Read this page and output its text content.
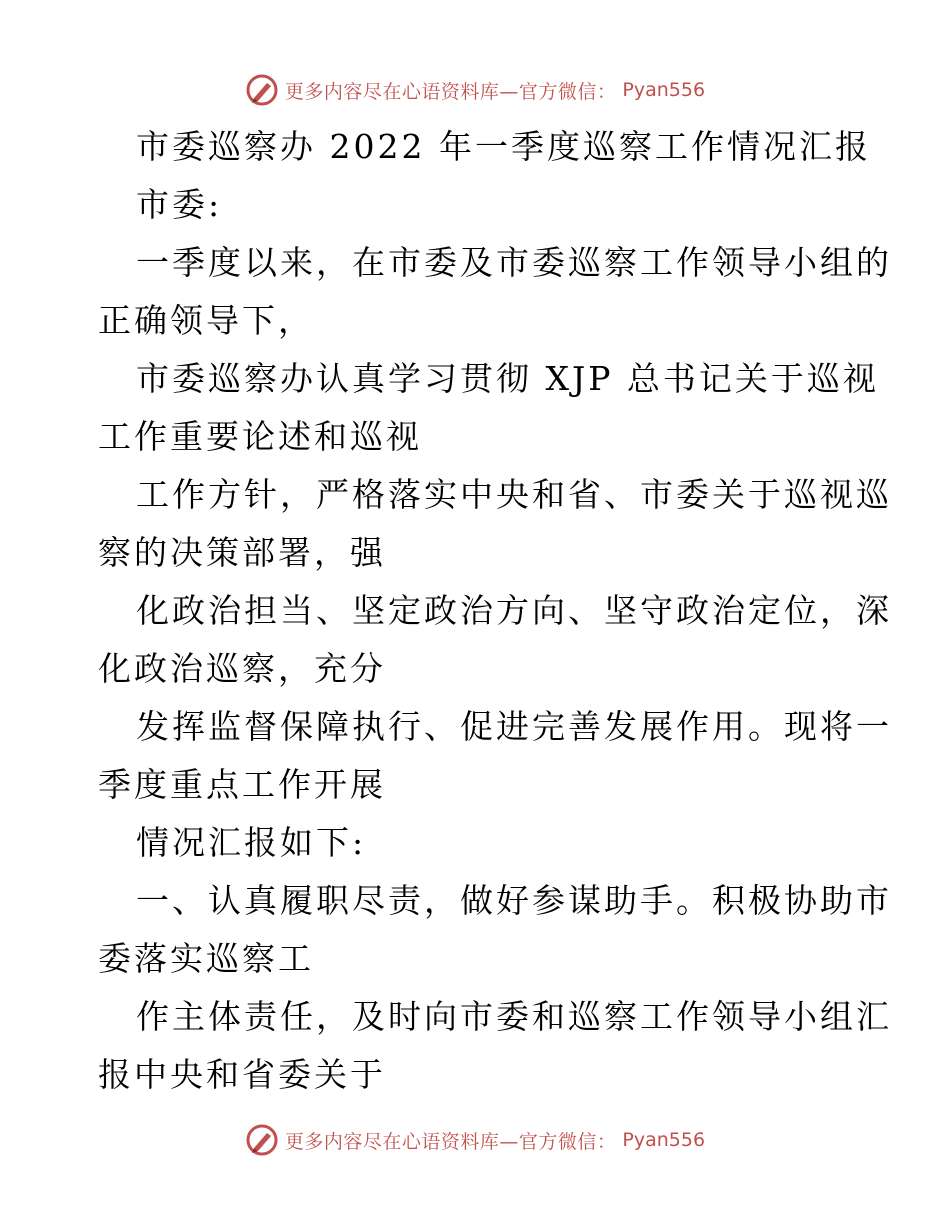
更多内容尽在心语资料库—官方微信： Pyan556
市委巡察办 2022 年一季度巡察工作情况汇报
市委:
一季度以来，在市委及市委巡察工作领导小组的
正确领导下，
市委巡察办认真学习贯彻 XJP 总书记关于巡视
工作重要论述和巡视
工作方针，严格落实中央和省、市委关于巡视巡
察的决策部署，强
化政治担当、坚定政治方向、坚守政治定位，深
化政治巡察，充分
发挥监督保障执行、促进完善发展作用。现将一
季度重点工作开展
情况汇报如下:
一、认真履职尽责，做好参谋助手。积极协助市
委落实巡察工
作主体责任，及时向市委和巡察工作领导小组汇
报中央和省委关于
更多内容尽在心语资料库—官方微信： Pyan556
